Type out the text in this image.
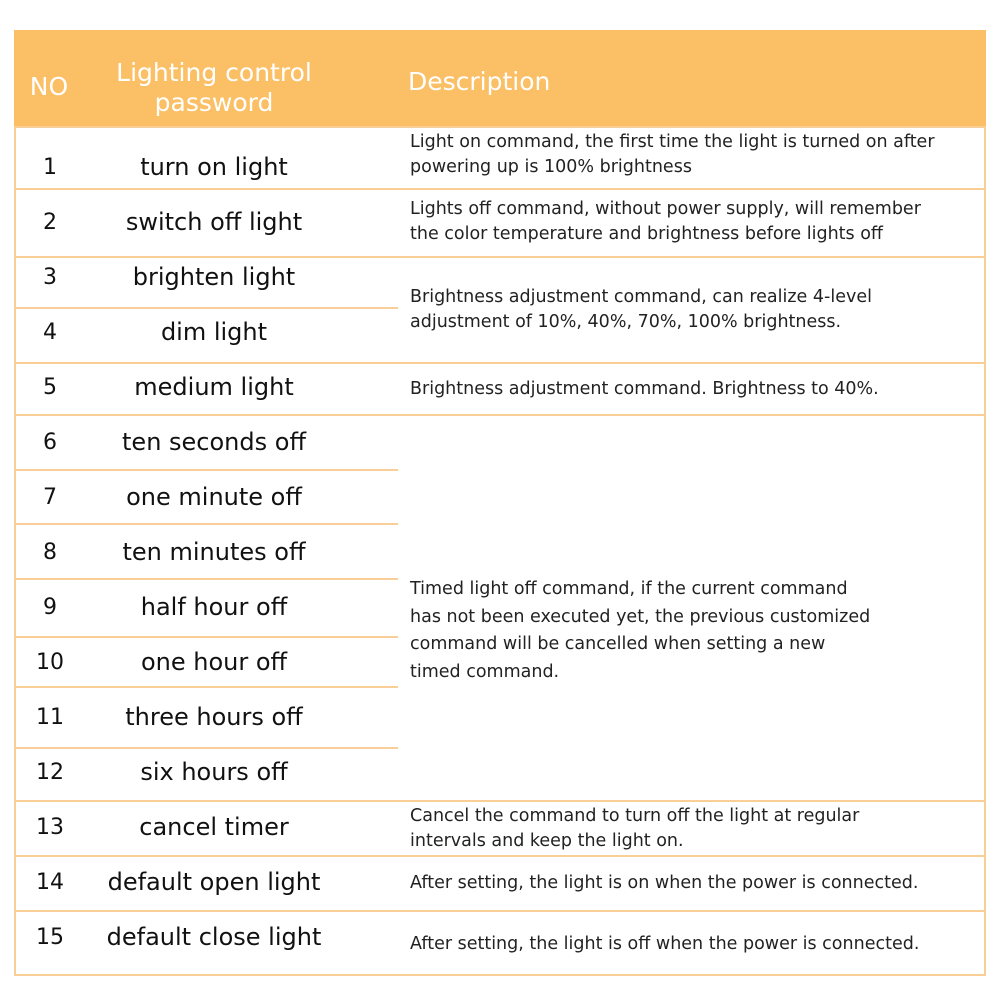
NO	Lighting control
password
Description
1
2
3
4
5
6
7
8
9
10
11
12
13
14
15
turn on light
switch off light
brighten light
dim light
medium light
ten seconds off
one minute off
ten minutes off
half hour off
one hour off
three hours off
six hours off
cancel timer
default open light
default close light
Light on command, the first time the light is turned on after
powering up is 100% brightness
Lights off command, without power supply, will remember
the color temperature and brightness before lights off
Brightness adjustment command, can realize 4-level
adjustment of 10%, 40%, 70%, 100% brightness.
Brightness adjustment command. Brightness to 40%.
Timed light off command, if the current command
has not been executed yet, the previous customized
command will be cancelled when setting a new
timed command.
Cancel the command to turn off the light at regular
intervals and keep the light on.
After setting, the light is on when the power is connected.
After setting, the light is off when the power is connected.
